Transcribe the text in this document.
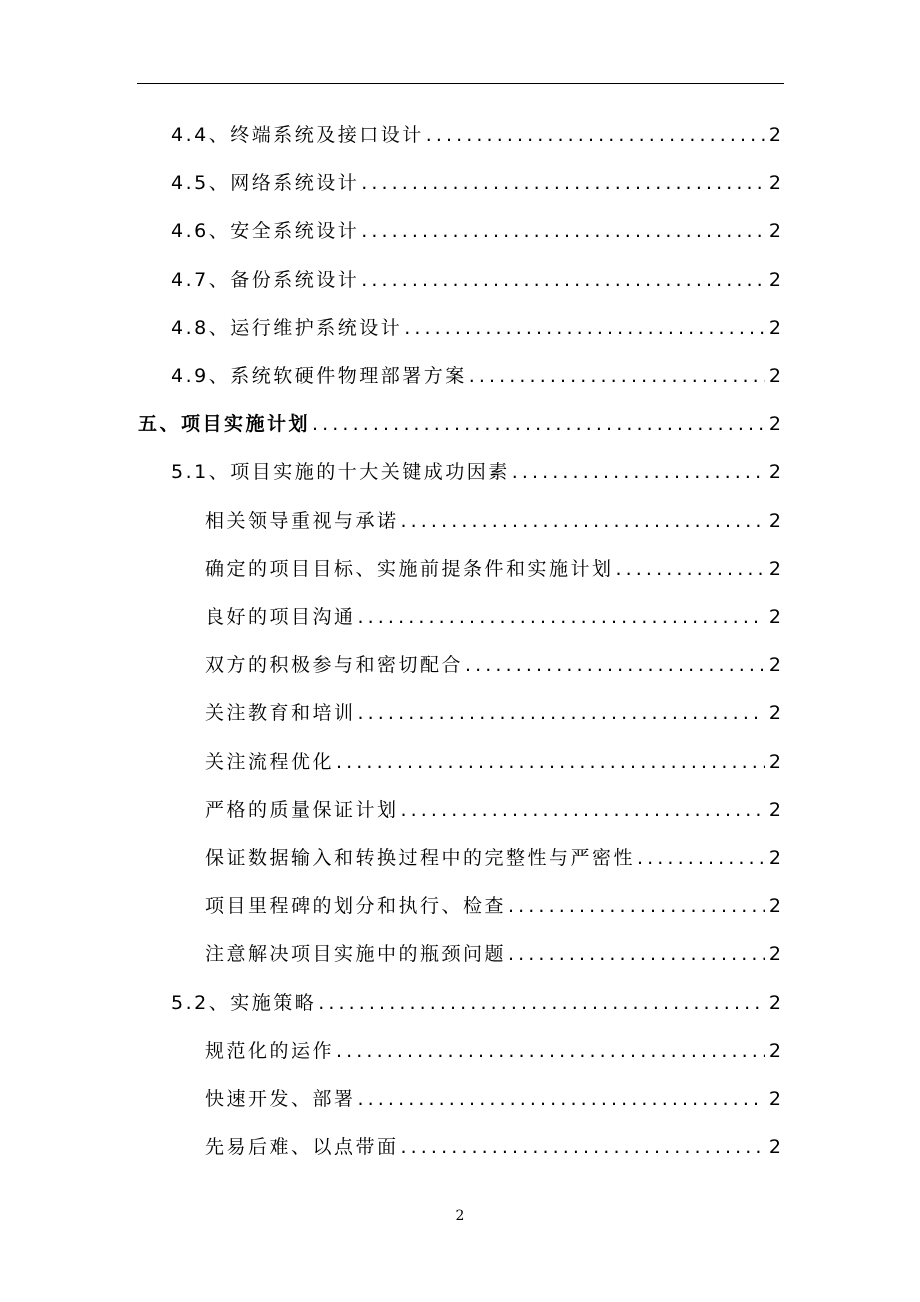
4.4、终端系统及接口设计 .....	2
4.5、网络系统设计 .....	2
4.6、安全系统设计 .....	2
4.7、备份系统设计 .....	2
4.8、运行维护系统设计 .....	2
4.9、系统软硬件物理部署方案 .....	2
五、项目实施计划 .....	2
5.1、项目实施的十大关键成功因素 .....	2
相关领导重视与承诺 .....	2
确定的项目目标、实施前提条件和实施计划 .....	2
良好的项目沟通 .....	2
双方的积极参与和密切配合 .....	2
关注教育和培训 .....	2
关注流程优化 .....	2
严格的质量保证计划 .....	2
保证数据输入和转换过程中的完整性与严密性 .....	2
项目里程碑的划分和执行、检查 .....	2
注意解决项目实施中的瓶颈问题 .....	2
5.2、实施策略 .....	2
规范化的运作 .....	2
快速开发、部署 .....	2
先易后难、以点带面 .....	2
2
